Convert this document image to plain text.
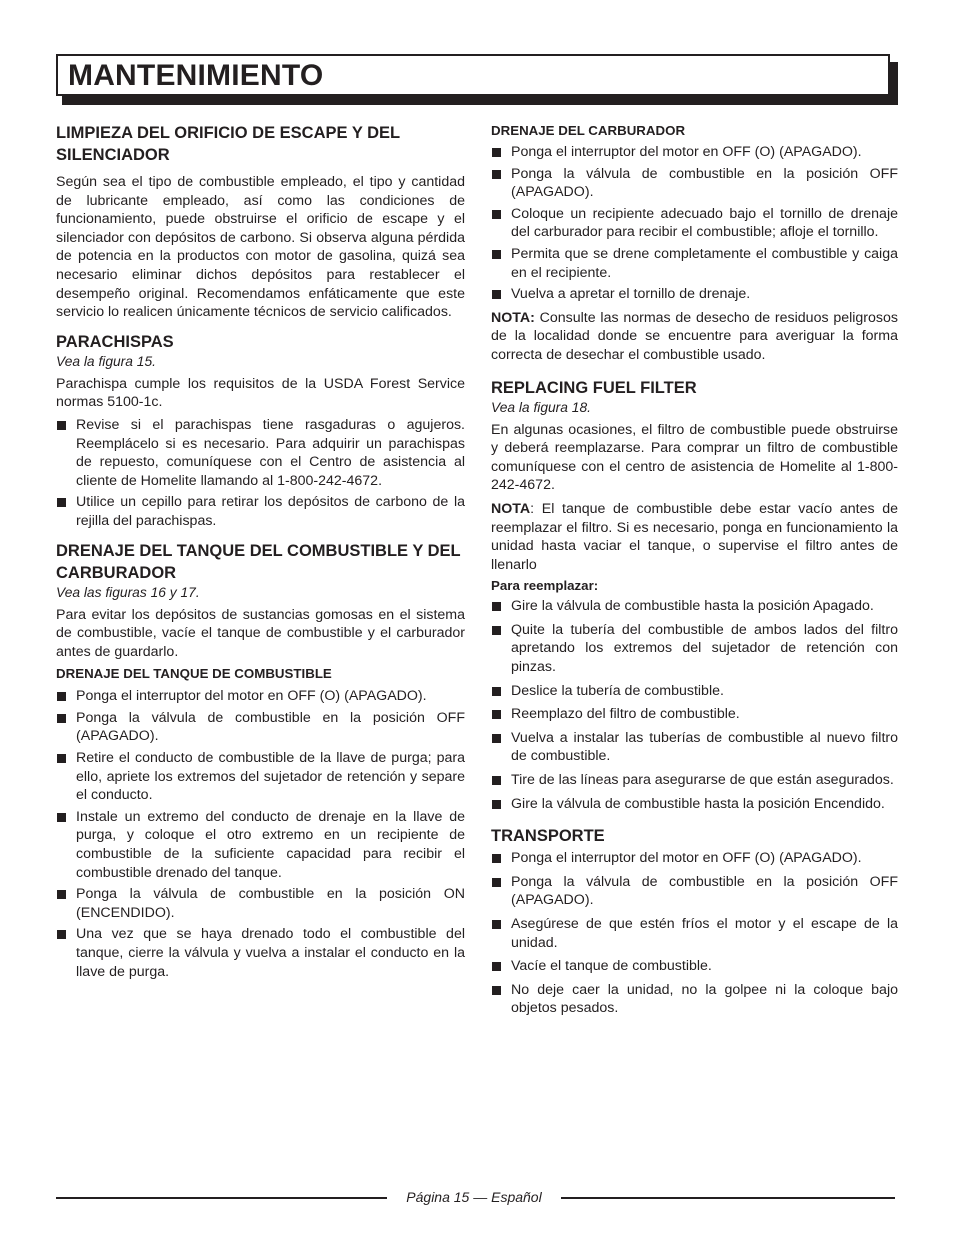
MANTENIMIENTO
LIMPIEZA DEL ORIFICIO DE ESCAPE Y DEL SILENCIADOR

Según sea el tipo de combustible empleado, el tipo y cantidad de lubricante empleado, así como las condiciones de funcionamiento, puede obstruirse el orificio de escape y el silenciador con depósitos de carbono. Si observa alguna pérdida de potencia en la productos con motor de gasolina, quizá sea necesario eliminar dichos depósitos para restablecer el desempeño original. Recomendamos enfáticamente que este servicio lo realicen únicamente técnicos de servicio calificados.

PARACHISPAS

Vea la figura 15.

Parachispa cumple los requisitos de la USDA Forest Service normas 5100-1c.

Revise si el parachispas tiene rasgaduras o agujeros. Reemplácelo si es necesario. Para adquirir un parachispas de repuesto, comuníquese con el Centro de asistencia al cliente de Homelite llamando al 1-800-242-4672.
Utilice un cepillo para retirar los depósitos de carbono de la rejilla del parachispas.
DRENAJE DEL TANQUE DEL COMBUSTIBLE Y DEL CARBURADOR

Vea las figuras 16 y 17.

Para evitar los depósitos de sustancias gomosas en el sistema de combustible, vacíe el tanque de combustible y el carburador antes de guardarlo.

DRENAJE DEL TANQUE DE COMBUSTIBLE
Ponga el interruptor del motor en OFF (O) (APAGADO).
Ponga la válvula de combustible en la posición OFF (APAGADO).
Retire el conducto de combustible de la llave de purga; para ello, apriete los extremos del sujetador de retención y separe el conducto.
Instale un extremo del conducto de drenaje en la llave de purga, y coloque el otro extremo en un recipiente de combustible de la suficiente capacidad para recibir el combustible drenado del tanque.
Ponga la válvula de combustible en la posición ON (ENCENDIDO).
Una vez que se haya drenado todo el combustible del tanque, cierre la válvula y vuelva a instalar el conducto en la llave de purga.
DRENAJE DEL CARBURADOR
Ponga el interruptor del motor en OFF (O) (APAGADO).
Ponga la válvula de combustible en la posición OFF (APAGADO).
Coloque un recipiente adecuado bajo el tornillo de drenaje del carburador para recibir el combustible; afloje el tornillo.
Permita que se drene completamente el combustible y caiga en el recipiente.
Vuelva a apretar el tornillo de drenaje.

NOTA: Consulte las normas de desecho de residuos peligrosos de la localidad donde se encuentre para averiguar la forma correcta de desechar el combustible usado.

REPLACING FUEL FILTER

Vea la figura 18.

En algunas ocasiones, el filtro de combustible puede obstruirse y deberá reemplazarse. Para comprar un filtro de combustible comuníquese con el centro de asistencia de Homelite al 1-800-242-4672.

NOTA: El tanque de combustible debe estar vacío antes de reemplazar el filtro. Si es necesario, ponga en funcionamiento la unidad hasta vaciar el tanque, o supervise el filtro antes de llenarlo

Para reemplazar:
Gire la válvula de combustible hasta la posición Apagado.
Quite la tubería del combustible de ambos lados del filtro apretando los extremos del sujetador de retención con pinzas.
Deslice la tubería de combustible.
Reemplazo del filtro de combustible.
Vuelva a instalar las tuberías de combustible al nuevo filtro de combustible.
Tire de las líneas para asegurarse de que están asegurados.
Gire la válvula de combustible hasta la posición Encendido.
TRANSPORTE
Ponga el interruptor del motor en OFF (O) (APAGADO).
Ponga la válvula de combustible en la posición OFF (APAGADO).
Asegúrese de que estén fríos el motor y el escape de la unidad.
Vacíe el tanque de combustible.
No deje caer la unidad, no la golpee ni la coloque bajo objetos pesados.
Página 15 — Español
